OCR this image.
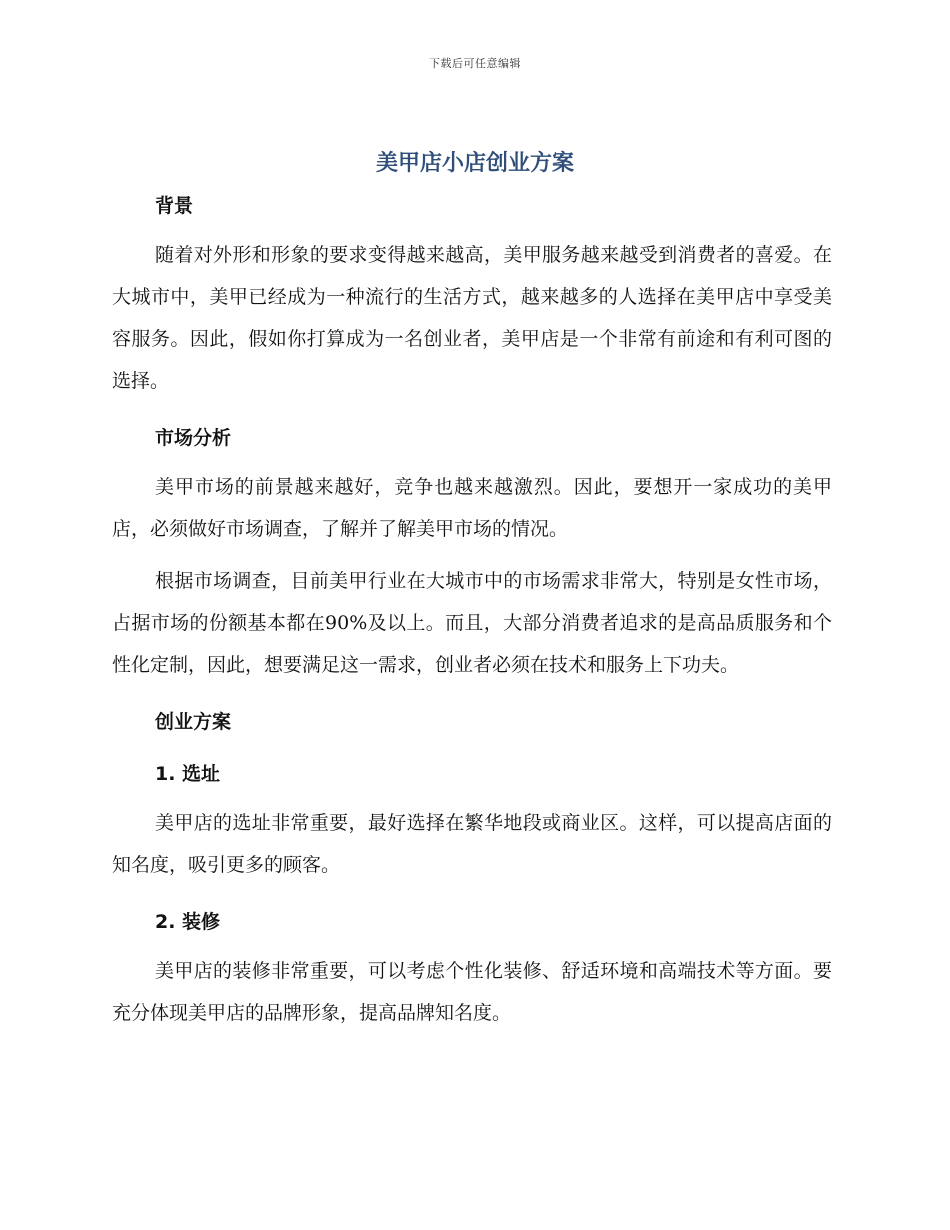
下载后可任意编辑
美甲店小店创业方案

背景

随着对外形和形象的要求变得越来越高，美甲服务越来越受到消费者的喜爱。在大城市中，美甲已经成为一种流行的生活方式，越来越多的人选择在美甲店中享受美容服务。因此，假如你打算成为一名创业者，美甲店是一个非常有前途和有利可图的选择。

市场分析

美甲市场的前景越来越好，竞争也越来越激烈。因此，要想开一家成功的美甲店，必须做好市场调查，了解并了解美甲市场的情况。

根据市场调查，目前美甲行业在大城市中的市场需求非常大，特别是女性市场，占据市场的份额基本都在90%及以上。而且，大部分消费者追求的是高品质服务和个性化定制，因此，想要满足这一需求，创业者必须在技术和服务上下功夫。

创业方案

1. 选址

美甲店的选址非常重要，最好选择在繁华地段或商业区。这样，可以提高店面的知名度，吸引更多的顾客。

2. 装修

美甲店的装修非常重要，可以考虑个性化装修、舒适环境和高端技术等方面。要充分体现美甲店的品牌形象，提高品牌知名度。
